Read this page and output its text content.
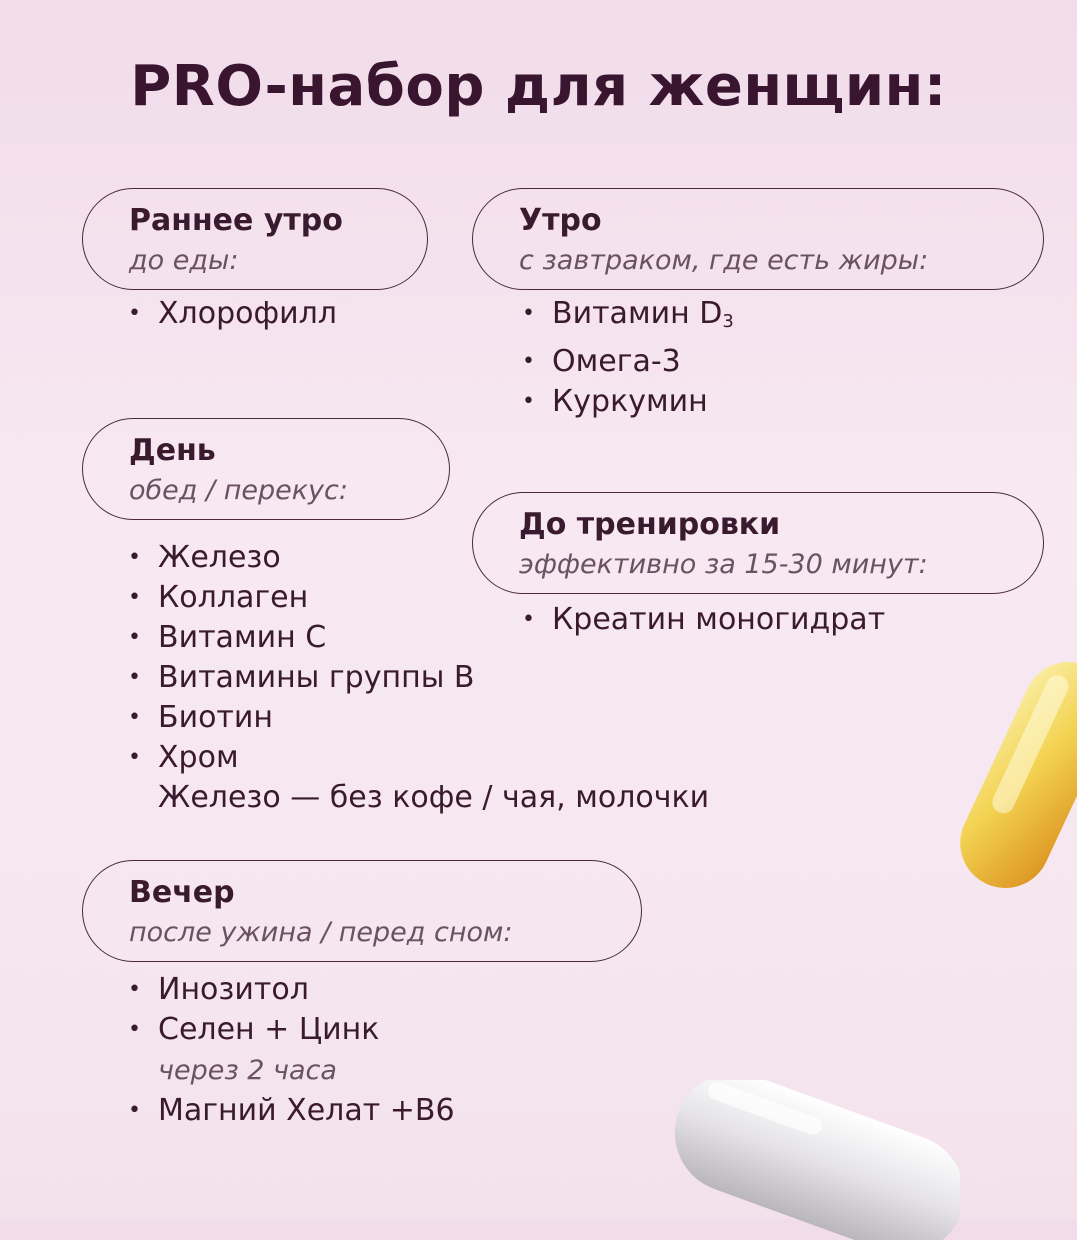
PRO-набор для женщин:
Раннее утро
до еды:
• Хлорофилл
Утро
с завтраком, где есть жиры:
• Витамин $D_3$
• Омега-3
• Куркумин
День
обед / перекус:
• Железо
• Коллаген
• Витамин С
• Витамины группы В
• Биотин
• Хром
Железо — без кофе / чая, молочки
До тренировки
эффективно за 15-30 минут:
• Креатин моногидрат
Вечер
после ужина / перед сном:
• Инозитол
• Селен + Цинк
через 2 часа
• Магний Хелат +B6
